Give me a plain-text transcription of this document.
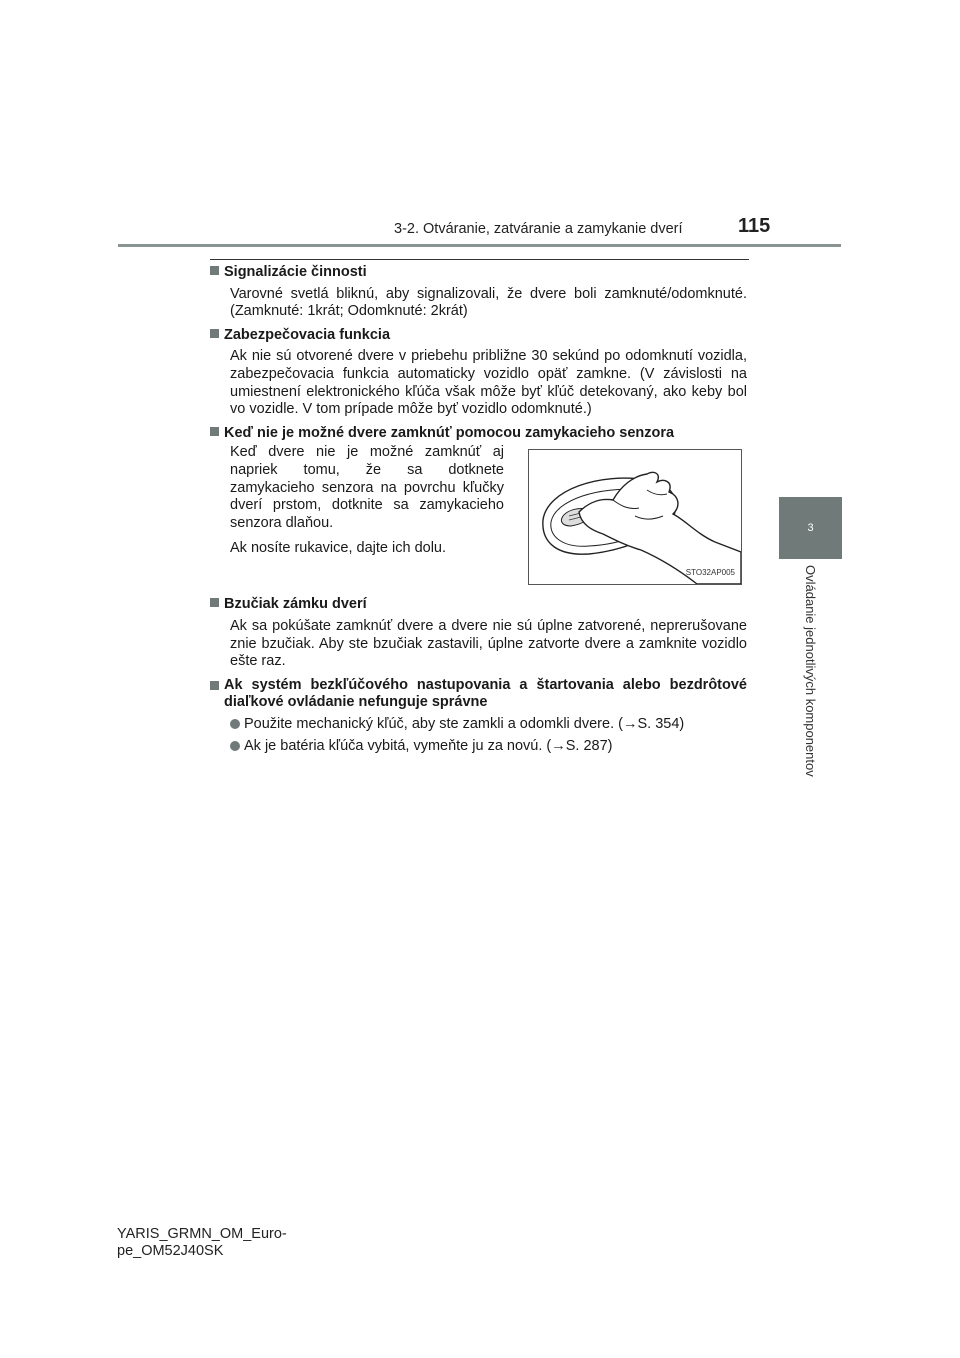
3-2. Otváranie, zatváranie a zamykanie dverí	115
3
Ovládanie jednotlivých komponentov

Signalizácie činnosti

Varovné svetlá bliknú, aby signalizovali, že dvere boli zamknuté/odomknuté. (Zamknuté: 1krát; Odomknuté: 2krát)

Zabezpečovacia funkcia

Ak nie sú otvorené dvere v priebehu približne 30 sekúnd po odomknutí vozidla, zabezpečovacia funkcia automaticky vozidlo opäť zamkne. (V závislosti na umiestnení elektronického kľúča však môže byť kľúč detekovaný, ako keby bol vo vozidle. V tom prípade môže byť vozidlo odomknuté.)

Keď nie je možné dvere zamknúť pomocou zamykacieho senzora

Keď dvere nie je možné zamknúť aj napriek tomu, že sa dotknete zamykacieho senzora na povrchu kľučky dverí prstom, dotknite sa zamykacieho senzora dlaňou.

Ak nosíte rukavice, dajte ich dolu.

STO32AP005

Bzučiak zámku dverí

Ak sa pokúšate zamknúť dvere a dvere nie sú úplne zatvorené, neprerušovane znie bzučiak. Aby ste bzučiak zastavili, úplne zatvorte dvere a zamknite vozidlo ešte raz.

Ak systém bezkľúčového nastupovania a štartovania alebo bezdrôtové diaľkové ovládanie nefunguje správne

Použite mechanický kľúč, aby ste zamkli a odomkli dvere. (→S. 354)

Ak je batéria kľúča vybitá, vymeňte ju za novú. (→S. 287)

YARIS_GRMN_OM_Euro-
pe_OM52J40SK
